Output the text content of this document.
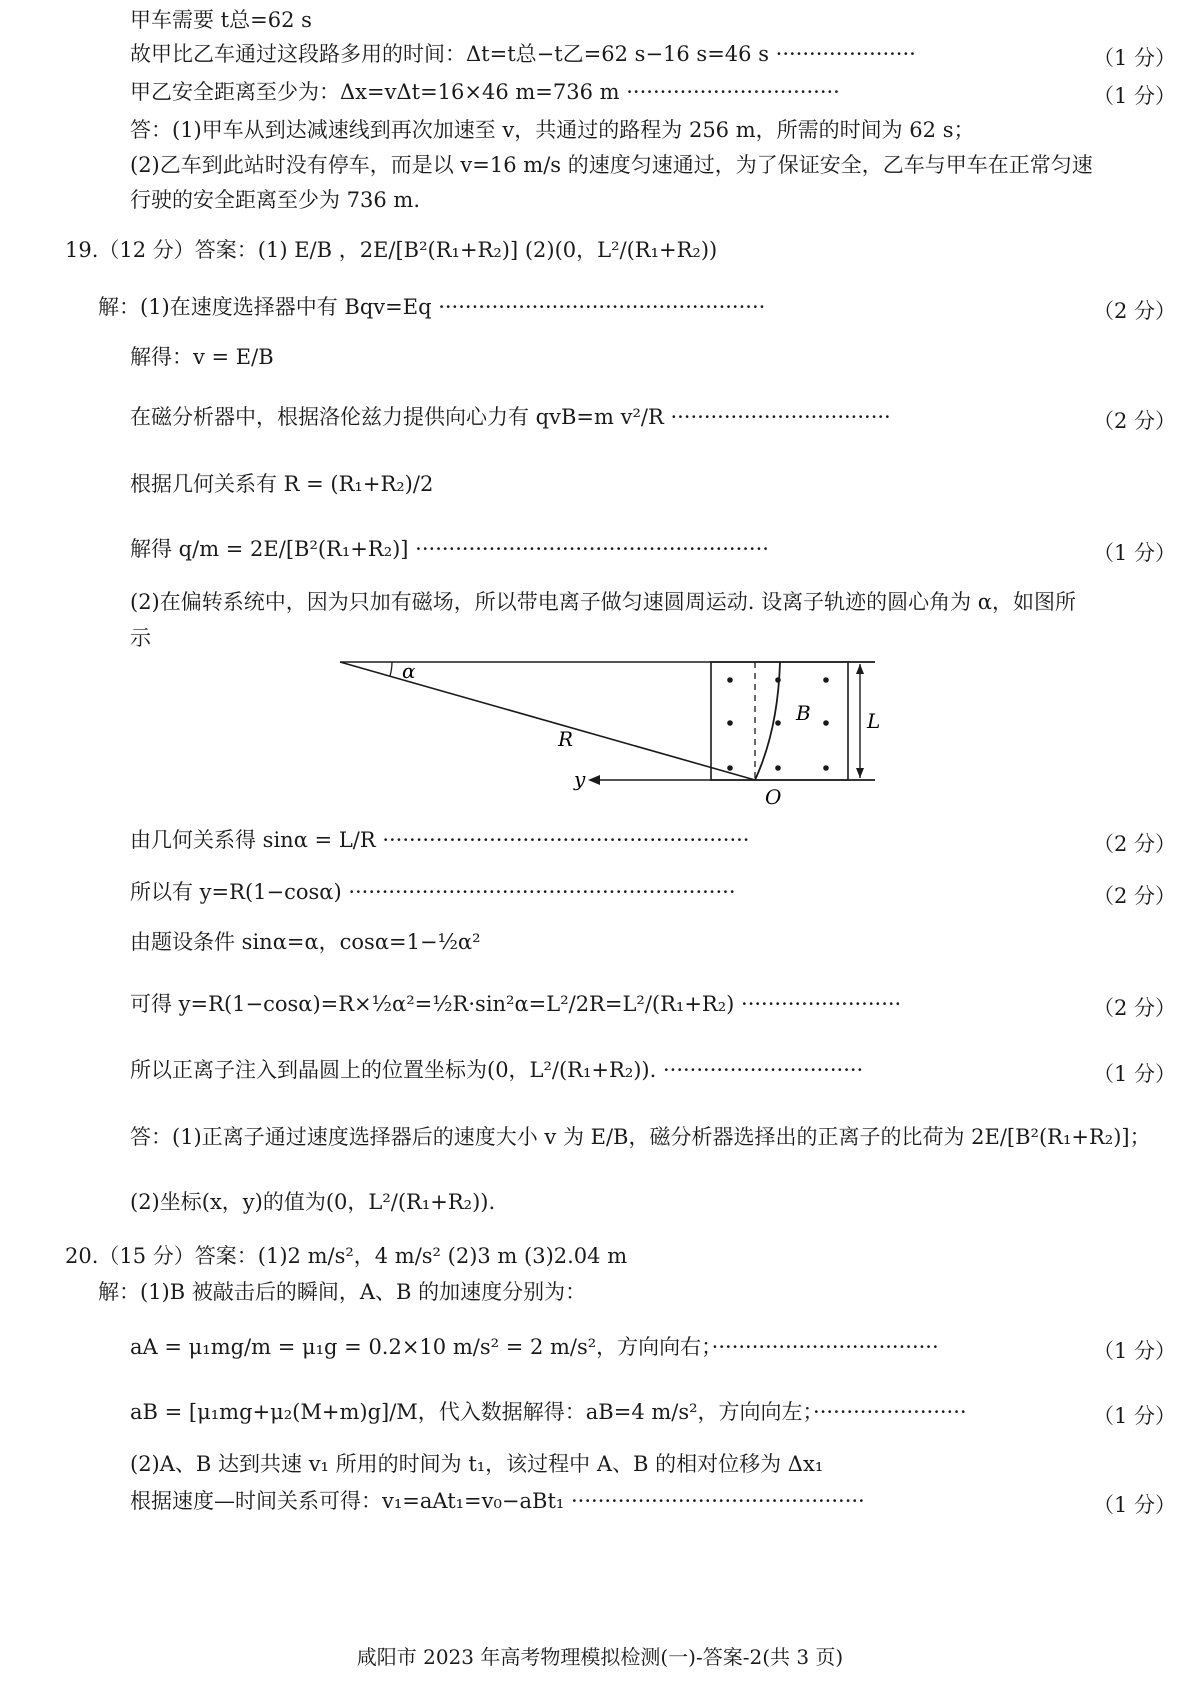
甲车需要 t总=62 s
故甲比乙车通过这段路多用的时间：Δt=t总−t乙=62 s−16 s=46 s ·····················	（1 分）
甲乙安全距离至少为：Δx=vΔt=16×46 m=736 m ································	（1 分）
答：(1)甲车从到达减速线到再次加速至 v，共通过的路程为 256 m，所需的时间为 62 s；
(2)乙车到此站时没有停车，而是以 v=16 m/s 的速度匀速通过，为了保证安全，乙车与甲车在正常匀速
行驶的安全距离至少为 736 m.
19.（12 分）答案：(1) E/B ，2E/[B²(R₁+R₂)] (2)(0，L²/(R₁+R₂))
解：(1)在速度选择器中有 Bqv=Eq ·················································	（2 分）
解得：v = E/B
在磁分析器中，根据洛伦兹力提供向心力有 qvB=m v²/R ·································	（2 分）
根据几何关系有 R = (R₁+R₂)/2
解得 q/m = 2E/[B²(R₁+R₂)] ·····················································	（1 分）
(2)在偏转系统中，因为只加有磁场，所以带电离子做匀速圆周运动. 设离子轨迹的圆心角为 α，如图所
示
α
R
B	L
y
O
由几何关系得 sinα = L/R ·······················································	（2 分）
所以有 y=R(1−cosα) ··························································	（2 分）
由题设条件 sinα=α，cosα=1−½α²
可得 y=R(1−cosα)=R×½α²=½R·sin²α=L²/2R=L²/(R₁+R₂) ························	（2 分）
所以正离子注入到晶圆上的位置坐标为(0，L²/(R₁+R₂)). ······························	（1 分）
答：(1)正离子通过速度选择器后的速度大小 v 为 E/B，磁分析器选择出的正离子的比荷为 2E/[B²(R₁+R₂)]；
(2)坐标(x，y)的值为(0，L²/(R₁+R₂)).
20.（15 分）答案：(1)2 m/s²，4 m/s² (2)3 m (3)2.04 m
解：(1)B 被敲击后的瞬间，A、B 的加速度分别为：
aA = μ₁mg/m = μ₁g = 0.2×10 m/s² = 2 m/s²，方向向右；··································	（1 分）
aB = [μ₁mg+μ₂(M+m)g]/M，代入数据解得：aB=4 m/s²，方向向左；·······················	（1 分）
(2)A、B 达到共速 v₁ 所用的时间为 t₁，该过程中 A、B 的相对位移为 Δx₁
根据速度—时间关系可得：v₁=aAt₁=v₀−aBt₁ ············································	（1 分）
咸阳市 2023 年高考物理模拟检测(一)-答案-2(共 3 页)
